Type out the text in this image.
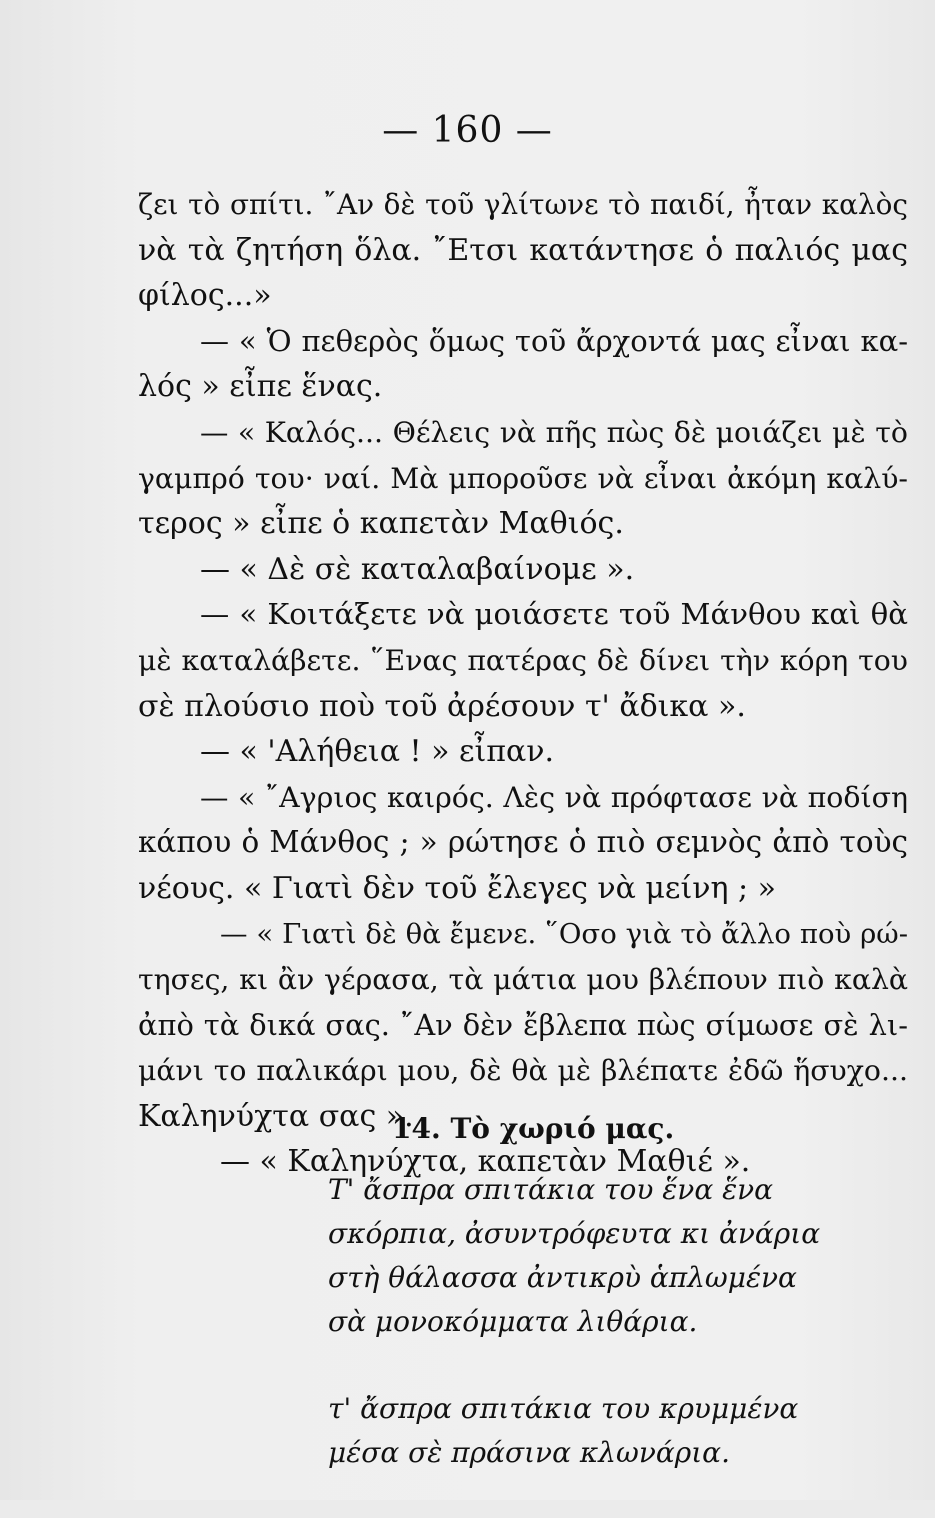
— 160 —
ζει τὸ σπίτι. ῎Αν δὲ τοῦ γλίτωνε τὸ παιδί, ἦταν καλὸς
νὰ τὰ ζητήση ὅλα. ῎Ετσι κατάντησε ὁ παλιός μας
φίλος...»
— « Ὁ πεθερὸς ὅμως τοῦ ἄρχοντά μας εἶναι κα-
λός » εἶπε ἕνας.
— « Καλός... Θέλεις νὰ πῆς πὼς δὲ μοιάζει μὲ τὸ
γαμπρό του· ναί. Μὰ μποροῦσε νὰ εἶναι ἀκόμη καλύ-
τερος » εἶπε ὁ καπετὰν Μαθιός.
— « Δὲ σὲ καταλαβαίνομε ».
— « Κοιτάξετε νὰ μοιάσετε τοῦ Μάνθου καὶ θὰ
μὲ καταλάβετε. ῞Ενας πατέρας δὲ δίνει τὴν κόρη του
σὲ πλούσιο ποὺ τοῦ ἀρέσουν τ' ἄδικα ».
— « 'Αλήθεια ! » εἶπαν.
— « ῎Αγριος καιρός. Λὲς νὰ πρόφτασε νὰ ποδίση
κάπου ὁ Μάνθος ; » ρώτησε ὁ πιὸ σεμνὸς ἀπὸ τοὺς
νέους. « Γιατὶ δὲν τοῦ ἔλεγες νὰ μείνη ; »
— « Γιατὶ δὲ θὰ ἔμενε. ῞Οσο γιὰ τὸ ἄλλο ποὺ ρώ-
τησες, κι ἂν γέρασα, τὰ μάτια μου βλέπουν πιὸ καλὰ
ἀπὸ τὰ δικά σας. ῎Αν δὲν ἔβλεπα πὼς σίμωσε σὲ λι-
μάνι το παλικάρι μου, δὲ θὰ μὲ βλέπατε ἐδῶ ἥσυχο...
Καληνύχτα σας ».
— « Καληνύχτα, καπετὰν Μαθιέ ».
14. Τὸ χωριό μας.
Τ' ἄσπρα σπιτάκια του ἕνα ἕνα
σκόρπια, ἀσυντρόφευτα κι ἀνάρια
στὴ θάλασσα ἀντικρὺ ἁπλωμένα
σὰ μονοκόμματα λιθάρια.
τ' ἄσπρα σπιτάκια του κρυμμένα
μέσα σὲ πράσινα κλωνάρια.
